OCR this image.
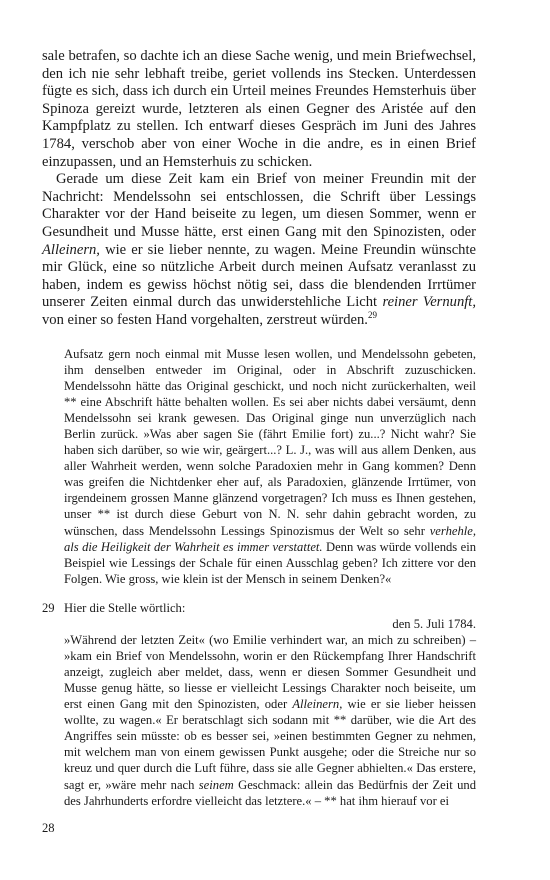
sale betrafen, so dachte ich an diese Sache wenig, und mein Briefwechsel, den ich nie sehr lebhaft treibe, geriet vollends ins Stecken. Unterdessen fügte es sich, dass ich durch ein Urteil meines Freundes Hemsterhuis über Spinoza gereizt wurde, letzteren als einen Gegner des Aristée auf den Kampfplatz zu stellen. Ich entwarf dieses Gespräch im Juni des Jahres 1784, verschob aber von einer Woche in die andre, es in einen Brief einzupassen, und an Hemsterhuis zu schicken.

Gerade um diese Zeit kam ein Brief von meiner Freundin mit der Nachricht: Mendelssohn sei entschlossen, die Schrift über Lessings Charakter vor der Hand beiseite zu legen, um diesen Sommer, wenn er Gesundheit und Musse hätte, erst einen Gang mit den Spinozisten, oder Alleinern, wie er sie lieber nennte, zu wagen. Meine Freundin wünschte mir Glück, eine so nützliche Arbeit durch meinen Aufsatz veranlasst zu haben, indem es gewiss höchst nötig sei, dass die blendenden Irrtümer unserer Zeiten einmal durch das unwiderstehliche Licht reiner Vernunft, von einer so festen Hand vorgehalten, zerstreut würden.$^{29}$

Aufsatz gern noch einmal mit Musse lesen wollen, und Mendelssohn gebeten, ihm denselben entweder im Original, oder in Abschrift zuzuschicken. Mendelssohn hätte das Original geschickt, und noch nicht zurückerhalten, weil ** eine Abschrift hätte behalten wollen. Es sei aber nichts dabei versäumt, denn Mendelssohn sei krank gewesen. Das Original ginge nun unverzüglich nach Berlin zurück. »Was aber sagen Sie (fährt Emilie fort) zu...? Nicht wahr? Sie haben sich darüber, so wie wir, geärgert...? L. J., was will aus allem Denken, aus aller Wahrheit werden, wenn solche Paradoxien mehr in Gang kommen? Denn was greifen die Nichtdenker eher auf, als Paradoxien, glänzende Irrtümer, von irgendeinem grossen Manne glänzend vorgetragen? Ich muss es Ihnen gestehen, unser ** ist durch diese Geburt von N. N. sehr dahin gebracht worden, zu wünschen, dass Mendelssohn Lessings Spinozismus der Welt so sehr verhehle, als die Heiligkeit der Wahrheit es immer verstattet. Denn was würde vollends ein Beispiel wie Lessings der Schale für einen Ausschlag geben? Ich zittere vor den Folgen. Wie gross, wie klein ist der Mensch in seinem Denken?«

29 Hier die Stelle wörtlich:

den 5. Juli 1784.

»Während der letzten Zeit« (wo Emilie verhindert war, an mich zu schreiben) – »kam ein Brief von Mendelssohn, worin er den Rückempfang Ihrer Handschrift anzeigt, zugleich aber meldet, dass, wenn er diesen Sommer Gesundheit und Musse genug hätte, so liesse er vielleicht Lessings Charakter noch beiseite, um erst einen Gang mit den Spinozisten, oder Alleinern, wie er sie lieber heissen wollte, zu wagen.« Er beratschlagt sich sodann mit ** darüber, wie die Art des Angriffes sein müsste: ob es besser sei, »einen bestimmten Gegner zu nehmen, mit welchem man von einem gewissen Punkt ausgehe; oder die Streiche nur so kreuz und quer durch die Luft führe, dass sie alle Gegner abhielten.« Das erstere, sagt er, »wäre mehr nach seinem Geschmack: allein das Bedürfnis der Zeit und des Jahrhunderts erfordre vielleicht das letztere.« – ** hat ihm hierauf vor ei

28
